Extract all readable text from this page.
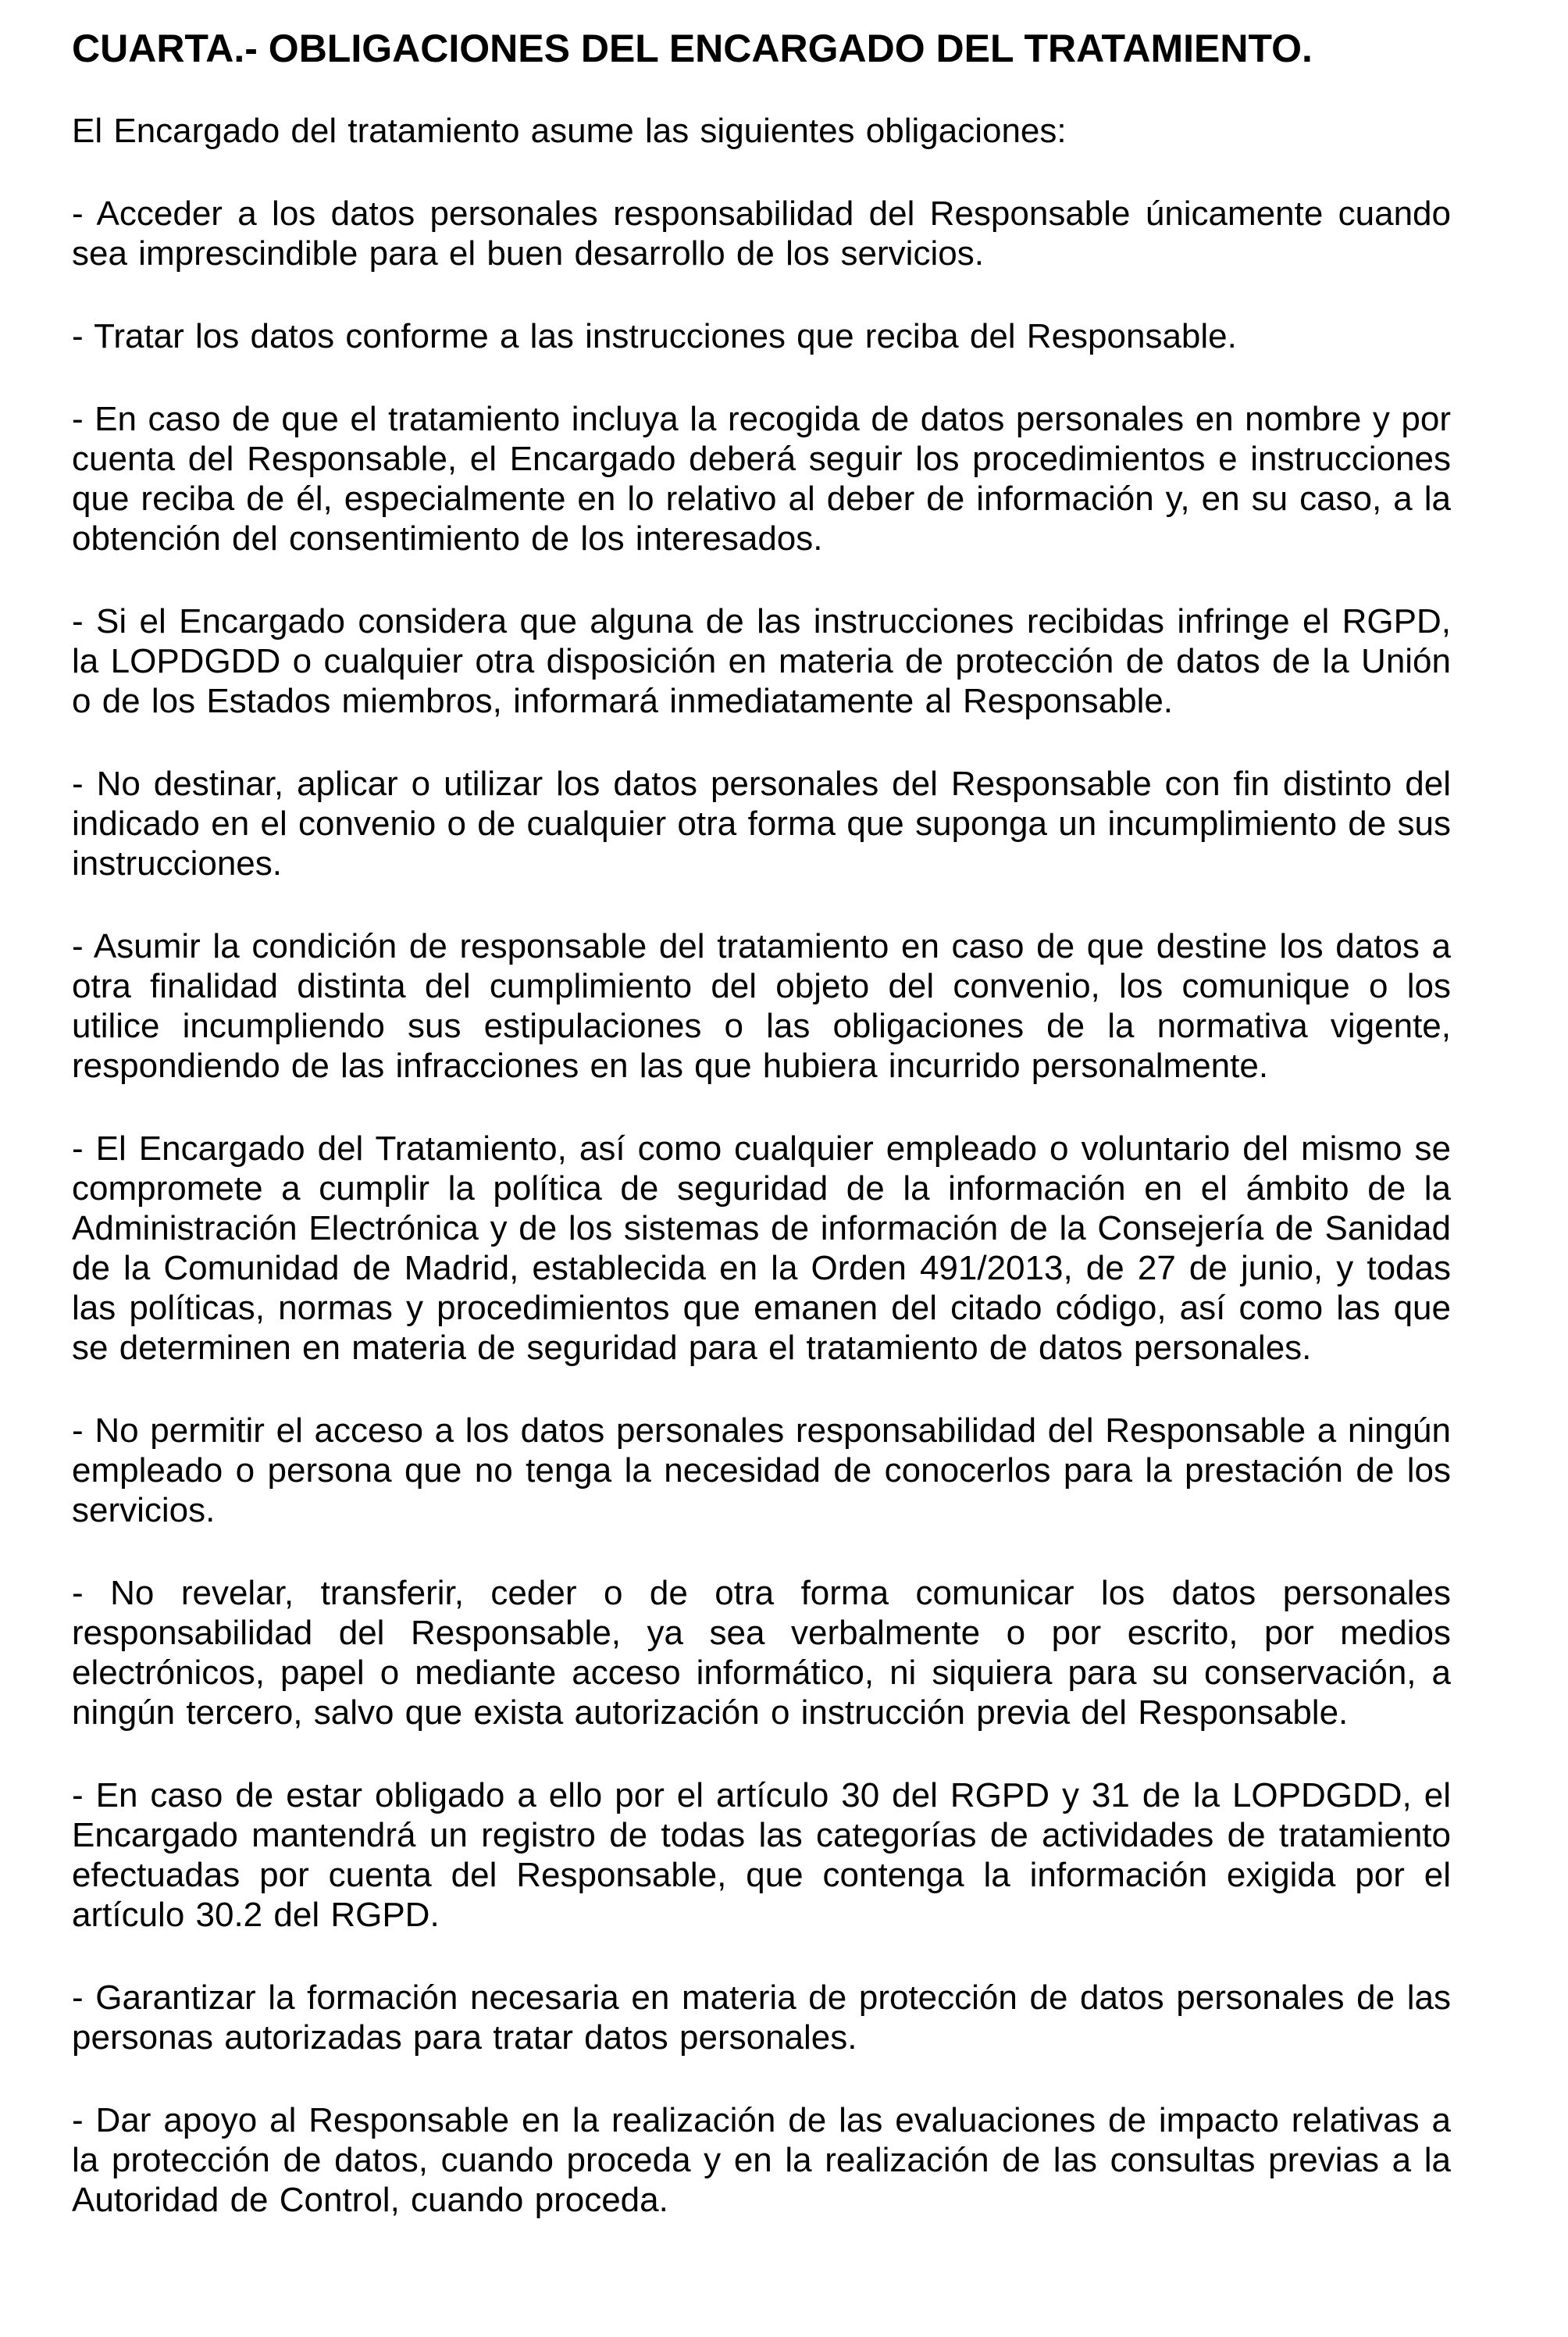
CUARTA.- OBLIGACIONES DEL ENCARGADO DEL TRATAMIENTO.

El Encargado del tratamiento asume las siguientes obligaciones:

- Acceder a los datos personales responsabilidad del Responsable únicamente cuando sea imprescindible para el buen desarrollo de los servicios.

- Tratar los datos conforme a las instrucciones que reciba del Responsable.

- En caso de que el tratamiento incluya la recogida de datos personales en nombre y por cuenta del Responsable, el Encargado deberá seguir los procedimientos e instrucciones que reciba de él, especialmente en lo relativo al deber de información y, en su caso, a la obtención del consentimiento de los interesados.

- Si el Encargado considera que alguna de las instrucciones recibidas infringe el RGPD, la LOPDGDD o cualquier otra disposición en materia de protección de datos de la Unión o de los Estados miembros, informará inmediatamente al Responsable.

- No destinar, aplicar o utilizar los datos personales del Responsable con fin distinto del indicado en el convenio o de cualquier otra forma que suponga un incumplimiento de sus instrucciones.

- Asumir la condición de responsable del tratamiento en caso de que destine los datos a otra finalidad distinta del cumplimiento del objeto del convenio, los comunique o los utilice incumpliendo sus estipulaciones o las obligaciones de la normativa vigente, respondiendo de las infracciones en las que hubiera incurrido personalmente.

- El Encargado del Tratamiento, así como cualquier empleado o voluntario del mismo se compromete a cumplir la política de seguridad de la información en el ámbito de la Administración Electrónica y de los sistemas de información de la Consejería de Sanidad de la Comunidad de Madrid, establecida en la Orden 491/2013, de 27 de junio, y todas las políticas, normas y procedimientos que emanen del citado código, así como las que se determinen en materia de seguridad para el tratamiento de datos personales.

- No permitir el acceso a los datos personales responsabilidad del Responsable a ningún empleado o persona que no tenga la necesidad de conocerlos para la prestación de los servicios.

- No revelar, transferir, ceder o de otra forma comunicar los datos personales responsabilidad del Responsable, ya sea verbalmente o por escrito, por medios electrónicos, papel o mediante acceso informático, ni siquiera para su conservación, a ningún tercero, salvo que exista autorización o instrucción previa del Responsable.

- En caso de estar obligado a ello por el artículo 30 del RGPD y 31 de la LOPDGDD, el Encargado mantendrá un registro de todas las categorías de actividades de tratamiento efectuadas por cuenta del Responsable, que contenga la información exigida por el artículo 30.2 del RGPD.

- Garantizar la formación necesaria en materia de protección de datos personales de las personas autorizadas para tratar datos personales.

- Dar apoyo al Responsable en la realización de las evaluaciones de impacto relativas a la protección de datos, cuando proceda y en la realización de las consultas previas a la Autoridad de Control, cuando proceda.
